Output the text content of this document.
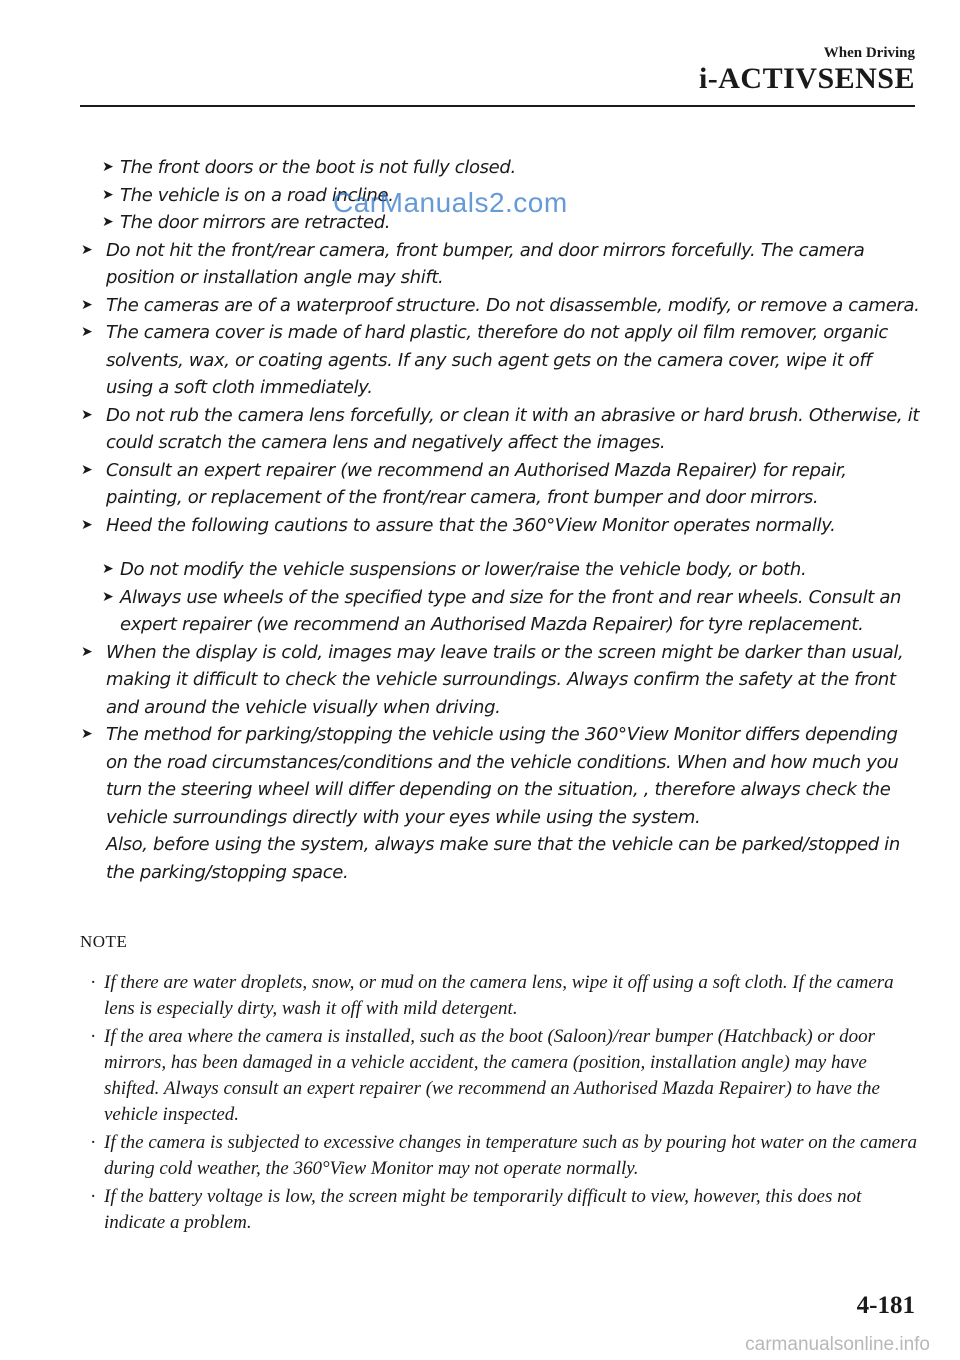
When Driving
i-ACTIVSENSE
➤ The front doors or the boot is not fully closed.
➤ The vehicle is on a road incline.
➤ The door mirrors are retracted.
➤ Do not hit the front/rear camera, front bumper, and door mirrors forcefully. The camera position or installation angle may shift.
➤ The cameras are of a waterproof structure. Do not disassemble, modify, or remove a camera.
➤ The camera cover is made of hard plastic, therefore do not apply oil film remover, organic solvents, wax, or coating agents. If any such agent gets on the camera cover, wipe it off using a soft cloth immediately.
➤ Do not rub the camera lens forcefully, or clean it with an abrasive or hard brush. Otherwise, it could scratch the camera lens and negatively affect the images.
➤ Consult an expert repairer (we recommend an Authorised Mazda Repairer) for repair, painting, or replacement of the front/rear camera, front bumper and door mirrors.
➤ Heed the following cautions to assure that the 360°View Monitor operates normally.
➤ Do not modify the vehicle suspensions or lower/raise the vehicle body, or both.
➤ Always use wheels of the specified type and size for the front and rear wheels. Consult an expert repairer (we recommend an Authorised Mazda Repairer) for tyre replacement.
➤ When the display is cold, images may leave trails or the screen might be darker than usual, making it difficult to check the vehicle surroundings. Always confirm the safety at the front and around the vehicle visually when driving.
➤ The method for parking/stopping the vehicle using the 360°View Monitor differs depending on the road circumstances/conditions and the vehicle conditions. When and how much you turn the steering wheel will differ depending on the situation, , therefore always check the vehicle surroundings directly with your eyes while using the system.
Also, before using the system, always make sure that the vehicle can be parked/stopped in the parking/stopping space.
CarManuals2.com
NOTE
· If there are water droplets, snow, or mud on the camera lens, wipe it off using a soft cloth. If the camera lens is especially dirty, wash it off with mild detergent.
· If the area where the camera is installed, such as the boot (Saloon)/rear bumper (Hatchback) or door mirrors, has been damaged in a vehicle accident, the camera (position, installation angle) may have shifted. Always consult an expert repairer (we recommend an Authorised Mazda Repairer) to have the vehicle inspected.
· If the camera is subjected to excessive changes in temperature such as by pouring hot water on the camera during cold weather, the 360°View Monitor may not operate normally.
· If the battery voltage is low, the screen might be temporarily difficult to view, however, this does not indicate a problem.
4-181
carmanualsonline.info
